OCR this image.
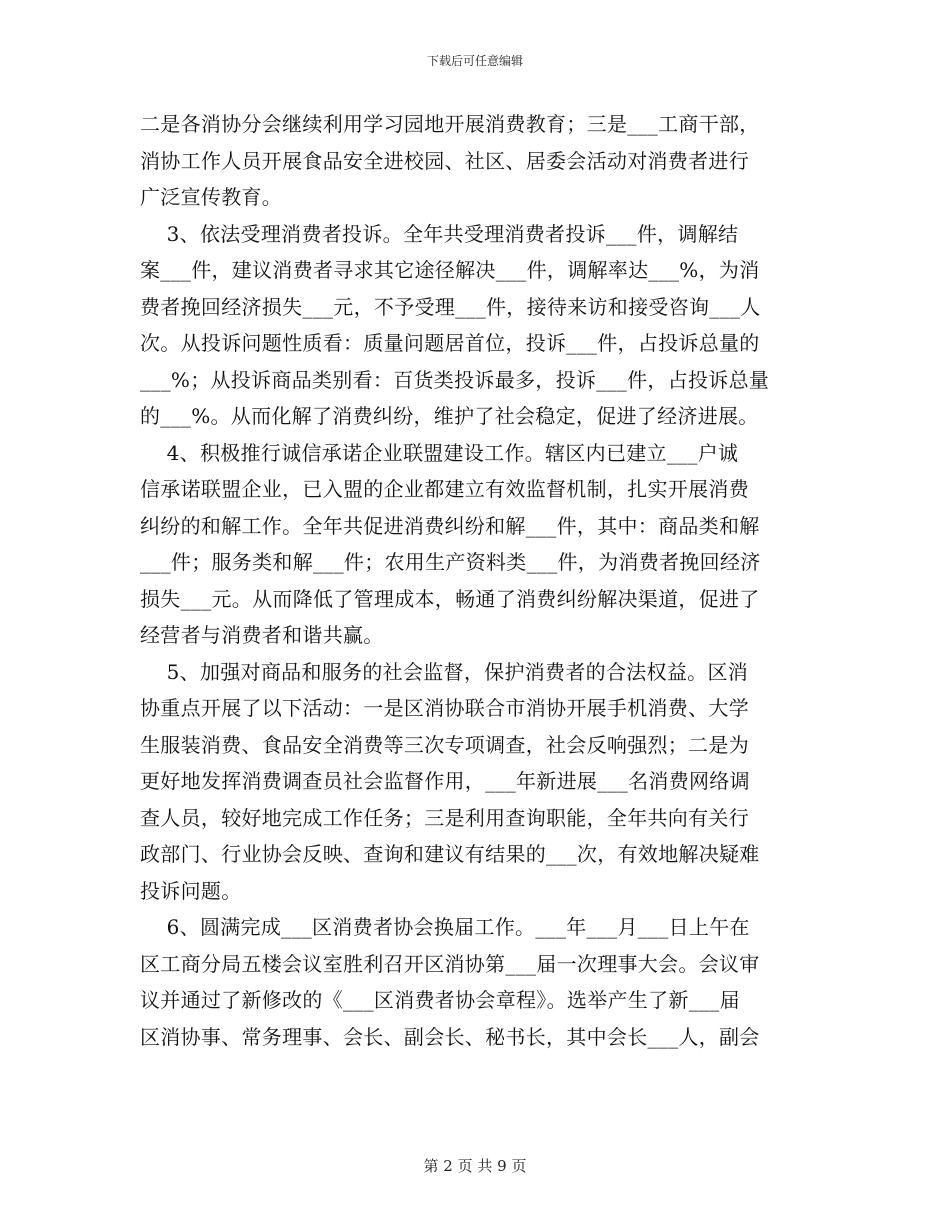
下载后可任意编辑
二是各消协分会继续利用学习园地开展消费教育；三是___工商干部，
消协工作人员开展食品安全进校园、社区、居委会活动对消费者进行
广泛宣传教育。
3、依法受理消费者投诉。全年共受理消费者投诉___件，调解结
案___件，建议消费者寻求其它途径解决___件，调解率达___%，为消
费者挽回经济损失___元，不予受理___件，接待来访和接受咨询___人
次。从投诉问题性质看：质量问题居首位，投诉___件，占投诉总量的
___%；从投诉商品类别看：百货类投诉最多，投诉___件，占投诉总量
的___%。从而化解了消费纠纷，维护了社会稳定，促进了经济进展。
4、积极推行诚信承诺企业联盟建设工作。辖区内已建立___户诚
信承诺联盟企业，已入盟的企业都建立有效监督机制，扎实开展消费
纠纷的和解工作。全年共促进消费纠纷和解___件，其中：商品类和解
___件；服务类和解___件；农用生产资料类___件，为消费者挽回经济
损失___元。从而降低了管理成本，畅通了消费纠纷解决渠道，促进了
经营者与消费者和谐共赢。
5、加强对商品和服务的社会监督，保护消费者的合法权益。区消
协重点开展了以下活动：一是区消协联合市消协开展手机消费、大学
生服装消费、食品安全消费等三次专项调查，社会反响强烈；二是为
更好地发挥消费调查员社会监督作用，___年新进展___名消费网络调
查人员，较好地完成工作任务；三是利用查询职能，全年共向有关行
政部门、行业协会反映、查询和建议有结果的___次，有效地解决疑难
投诉问题。
6、圆满完成___区消费者协会换届工作。___年___月___日上午在
区工商分局五楼会议室胜利召开区消协第___届一次理事大会。会议审
议并通过了新修改的《___区消费者协会章程》。选举产生了新___届
区消协事、常务理事、会长、副会长、秘书长，其中会长___人，副会
第 2 页 共 9 页
